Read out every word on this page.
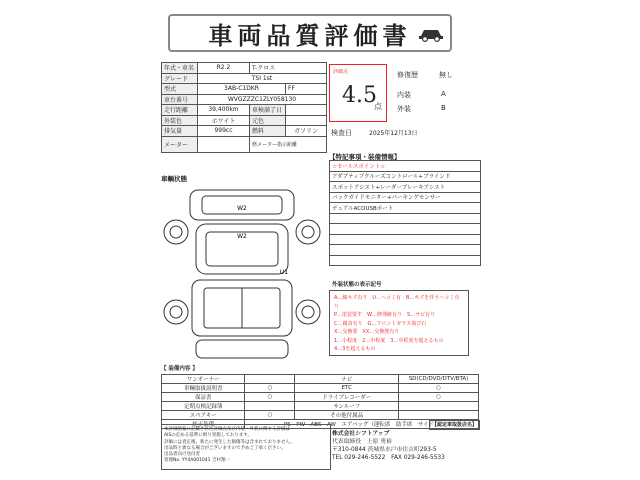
車両品質評価書
年式・車名	R2.2	T-クロス	
グレード	TSI 1st		
型式	3AB-C1DKR		FF
車台番号	WVGZZZC1ZLY058130		
走行距離	39,400km	車検満了日	
外装色	ホワイト	元色	
排気量	999cc	燃料	ガソリン
メーター		暦メーター指示距離	
評価点
4.5
点
修復歴	無し
内装	A
外装	B
検査日	2025年12月13日
車輌状態
W2
W2
U1
【特記事項・装備情報】
☆セールスポイント☆
アダプティブクルーズコントロール+ブラインド
スポットアシスト+レーダーブレーキアシスト
バックガイドモニター+パーキングセンサー
デュアルACOUSBポート

外装状態の表示記号
A…線キズ有り　U…ヘコミ有　B…キズを伴うヘコミ有り
P…塗装要す　W…修理跡有り　S…サビ有り
C…腐食有り　G…フロントガラス飛び石
X…交換要　XX…交換歴有り
1…小程度　2…中程度　3…中程度を超えるもの
4…3を超えるもの
【 装備内容 】
ワンオーナー		ナビ	SD(CD/DVD/DTV/BTA)
車輌取扱説明書	○	ETC	○
保証書	○	ドライブレコーダー	○
定期点検記録簿		サンルーフ	
スペアキー	○	その他付属品	
純正装備	PS　PW　ABS　AW　エアバッグ（運転席　助手席　サイド）		
本評価情報に記載された評価点及び内装・外装に関する評価は
AISの定める基準に則り実施しております。
評価には査定後、新たに発生した損傷等は含まれておりません。
出品時と異なる場合がございますので予めご了承ください。
出品者向け送付者
管理No. YY4A001041 吉村翔一
【認定車取扱店名】
株式会社シフトアップ
代表取締役　上原 勇裕
〒310-0844 茨城県水戸市住吉町293-5
TEL 029-246-5522　FAX 029-246-5533
